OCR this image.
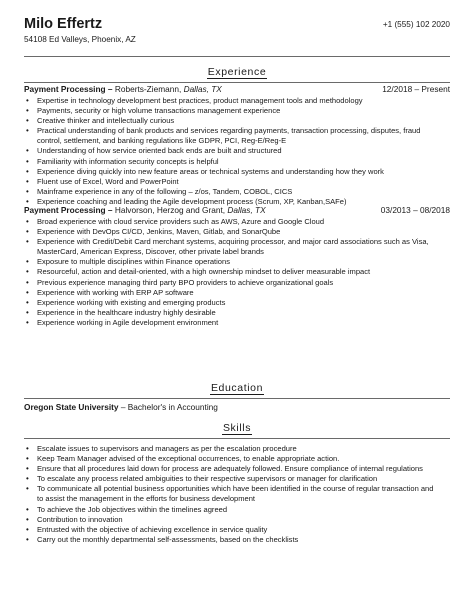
Milo Effertz
54108 Ed Valleys, Phoenix, AZ
+1 (555) 102 2020
Experience
Payment Processing – Roberts-Ziemann, Dallas, TX	12/2018 – Present
• Expertise in technology development best practices, product management tools and methodology
• Payments, security or high volume transactions management experience
• Creative thinker and intellectually curious
• Practical understanding of bank products and services regarding payments, transaction processing, disputes, fraud
control, settlement, and banking regulations like GDPR, PCI, Reg-E/Reg-E
• Understanding of how service oriented back ends are built and structured
• Familiarity with information security concepts is helpful
• Experience diving quickly into new feature areas or technical systems and understanding how they work
• Fluent use of Excel, Word and PowerPoint
• Mainframe experience in any of the following – z/os, Tandem, COBOL, CICS
• Experience coaching and leading the Agile development process (Scrum, XP, Kanban,SAFe)
Payment Processing – Halvorson, Herzog and Grant, Dallas, TX	03/2013 – 08/2018
• Broad experience with cloud service providers such as AWS, Azure and Google Cloud
• Experience with DevOps CI/CD, Jenkins, Maven, Gitlab, and SonarQube
• Experience with Credit/Debit Card merchant systems, acquiring processor, and major card associations such as Visa,
MasterCard, American Express, Discover, other private label brands
• Exposure to multiple disciplines within Finance operations
• Resourceful, action and detail-oriented, with a high ownership mindset to deliver measurable impact
• Previous experience managing third party BPO providers to achieve organizational goals
• Experience with working with ERP AP software
• Experience working with existing and emerging products
• Experience in the healthcare industry highly desirable
• Experience working in Agile development environment
Education
Oregon State University – Bachelor's in Accounting
Skills
• Escalate issues to supervisors and managers as per the escalation procedure
• Keep Team Manager advised of the exceptional occurrences, to enable appropriate action.
• Ensure that all procedures laid down for process are adequately followed. Ensure compliance of internal regulations
• To escalate any process related ambiguities to their respective supervisors or manager for clarification
• To communicate all potential business opportunities which have been identified in the course of regular transaction and
to assist the management in the efforts for business development
• To achieve the Job objectives within the timelines agreed
• Contribution to innovation
• Entrusted with the objective of achieving excellence in service quality
• Carry out the monthly departmental self-assessments, based on the checklists
